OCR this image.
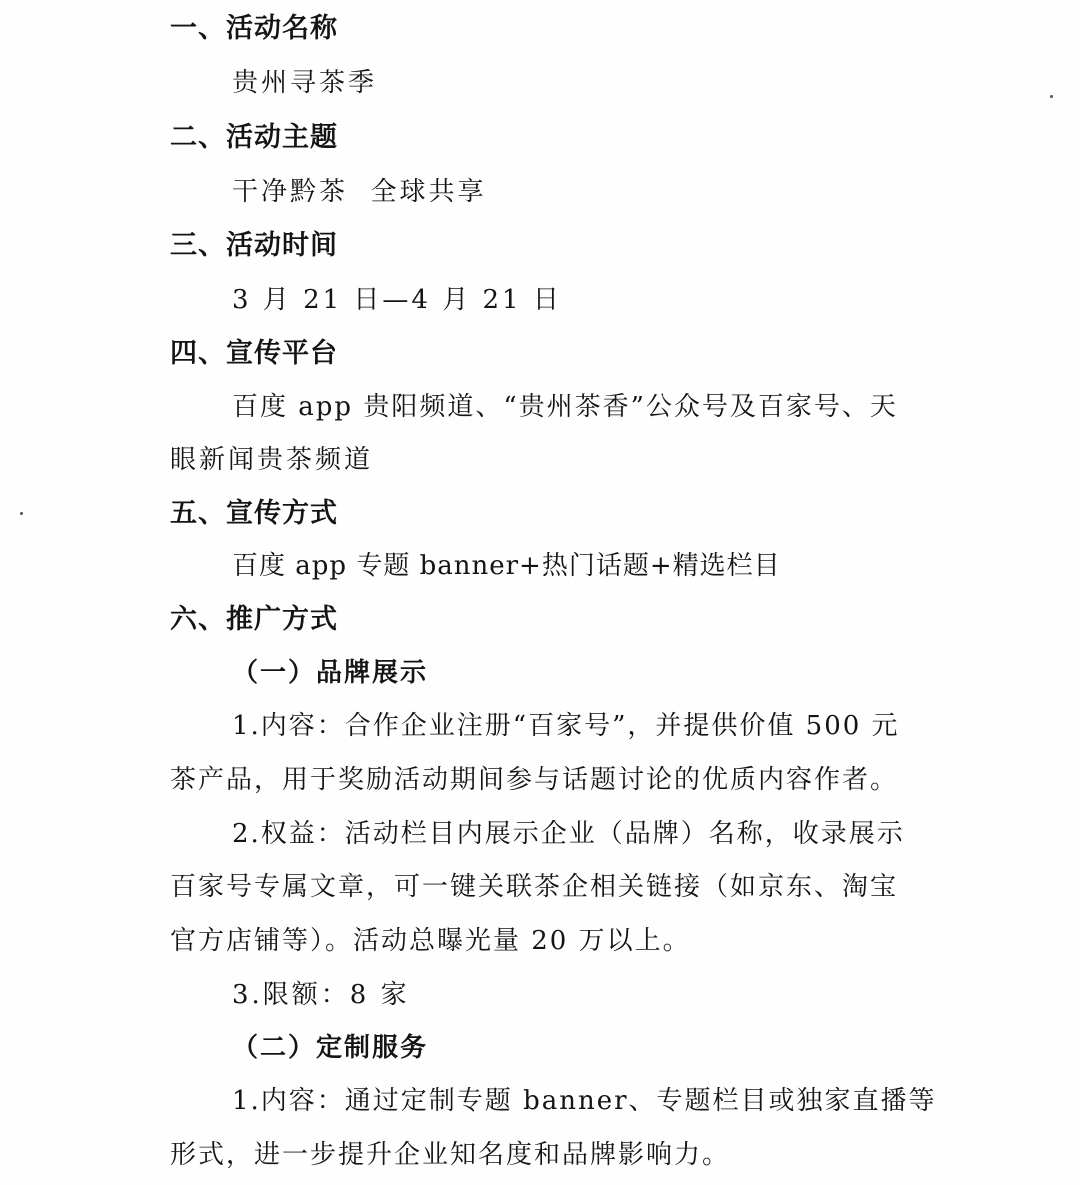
一、活动名称
贵州寻茶季
二、活动主题
干净黔茶  全球共享
三、活动时间
3 月 21 日—4 月 21 日
四、宣传平台
百度 app 贵阳频道、“贵州茶香”公众号及百家号、天
眼新闻贵茶频道
五、宣传方式
百度 app 专题 banner+热门话题+精选栏目
六、推广方式
（一）品牌展示
1.内容：合作企业注册“百家号”，并提供价值 500 元
茶产品，用于奖励活动期间参与话题讨论的优质内容作者。
2.权益：活动栏目内展示企业（品牌）名称，收录展示
百家号专属文章，可一键关联茶企相关链接（如京东、淘宝
官方店铺等）。活动总曝光量 20 万以上。
3.限额：8 家
（二）定制服务
1.内容：通过定制专题 banner、专题栏目或独家直播等
形式，进一步提升企业知名度和品牌影响力。
